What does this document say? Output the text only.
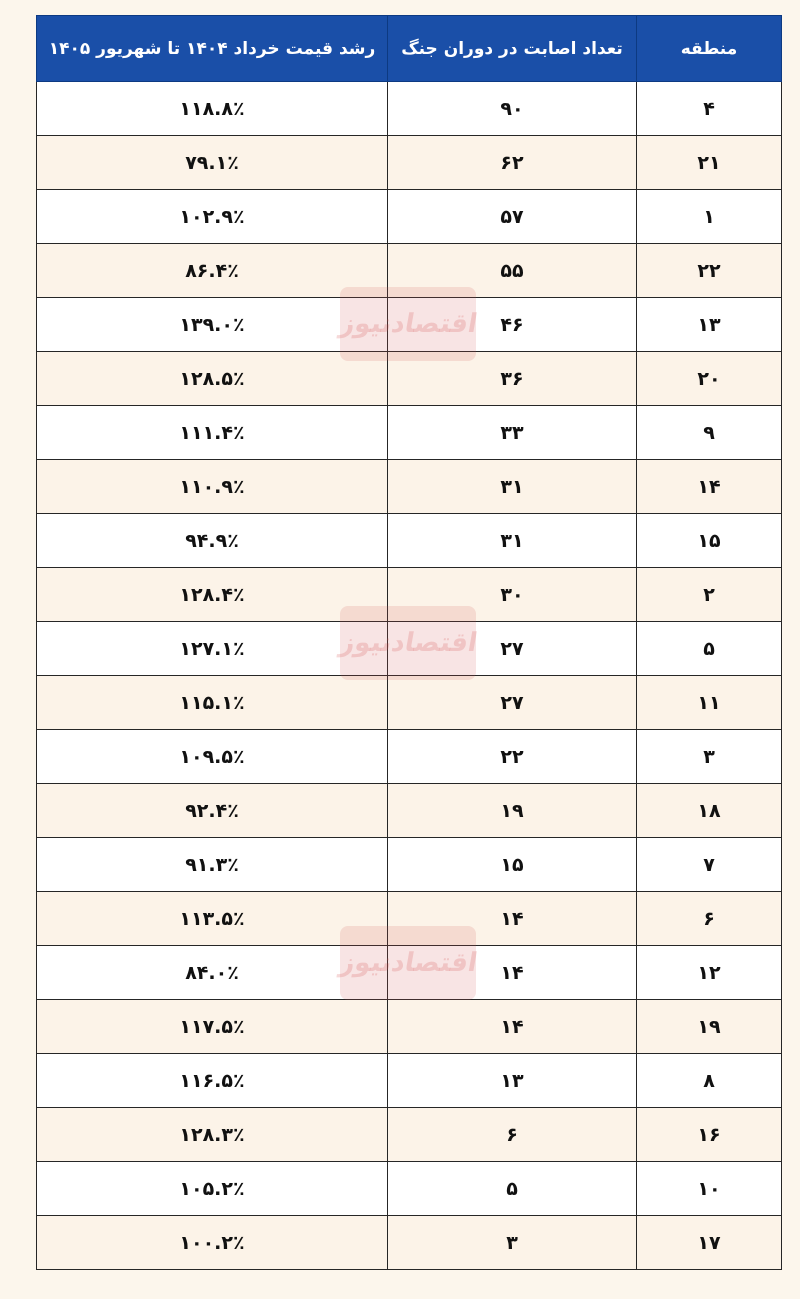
منطقه	تعداد اصابت در دوران جنگ	رشد قیمت خرداد ۱۴۰۴ تا شهریور ۱۴۰۵
۴	۹۰	۱۱۸.۸٪
۲۱	۶۲	۷۹.۱٪
۱	۵۷	۱۰۲.۹٪
۲۲	۵۵	۸۶.۴٪
۱۳	۴۶	۱۳۹.۰٪
۲۰	۳۶	۱۲۸.۵٪
۹	۳۳	۱۱۱.۴٪
۱۴	۳۱	۱۱۰.۹٪
۱۵	۳۱	۹۴.۹٪
۲	۳۰	۱۲۸.۴٪
۵	۲۷	۱۲۷.۱٪
۱۱	۲۷	۱۱۵.۱٪
۳	۲۲	۱۰۹.۵٪
۱۸	۱۹	۹۲.۴٪
۷	۱۵	۹۱.۳٪
۶	۱۴	۱۱۳.۵٪
۱۲	۱۴	۸۴.۰٪
۱۹	۱۴	۱۱۷.۵٪
۸	۱۳	۱۱۶.۵٪
۱۶	۶	۱۲۸.۳٪
۱۰	۵	۱۰۵.۲٪
۱۷	۳	۱۰۰.۲٪
اقتصادنیوز
اقتصادنیوز
اقتصادنیوز
